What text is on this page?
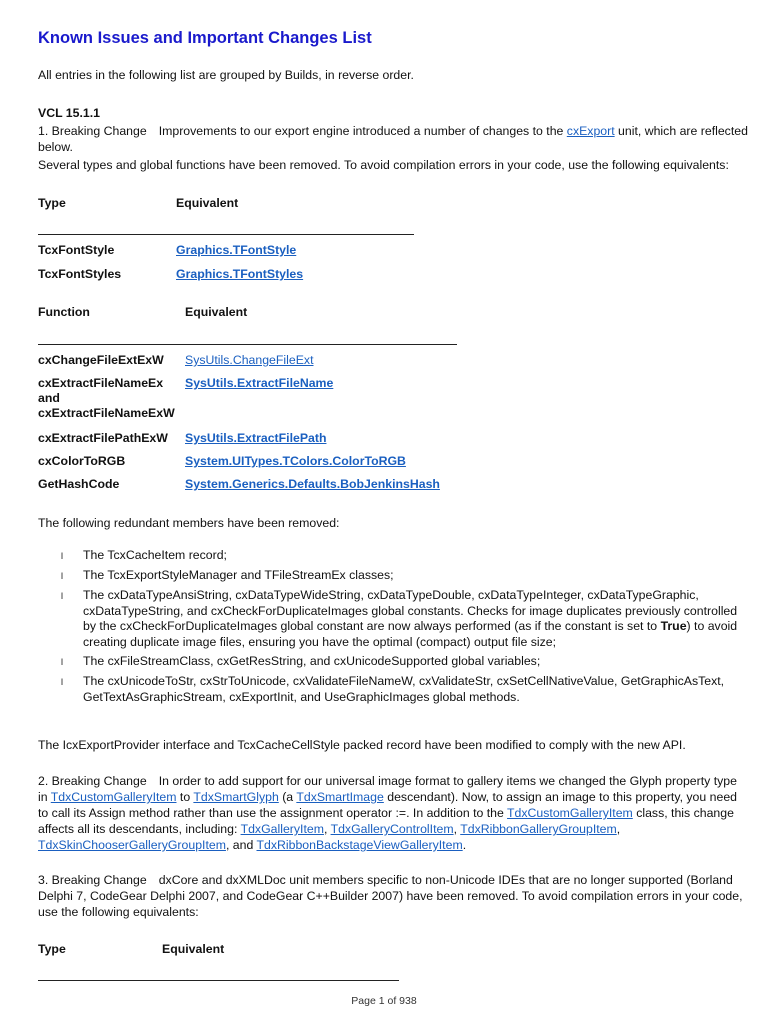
Known Issues and Important Changes List
All entries in the following list are grouped by Builds, in reverse order.
VCL 15.1.1
1. Breaking Change Improvements to our export engine introduced a number of changes to the cxExport unit, which are reflected
below.
Several types and global functions have been removed. To avoid compilation errors in your code, use the following equivalents:
Type	Equivalent
TcxFontStyle	Graphics.TFontStyle
TcxFontStyles	Graphics.TFontStyles
Function	Equivalent
cxChangeFileExtExW SysUtils.ChangeFileExt
cxExtractFileNameEx
and
cxExtractFileNameExW
SysUtils.ExtractFileName
cxExtractFilePathExW SysUtils.ExtractFilePath
cxColorToRGB	System.UITypes.TColors.ColorToRGB
GetHashCode	System.Generics.Defaults.BobJenkinsHash
The following redundant members have been removed:
l The TcxCacheItem record;
l The TcxExportStyleManager and TFileStreamEx classes;
l The cxDataTypeAnsiString, cxDataTypeWideString, cxDataTypeDouble, cxDataTypeInteger, cxDataTypeGraphic,
cxDataTypeString, and cxCheckForDuplicateImages global constants. Checks for image duplicates previously controlled
by the cxCheckForDuplicateImages global constant are now always performed (as if the constant is set to True) to avoid
creating duplicate image files, ensuring you have the optimal (compact) output file size;
l The cxFileStreamClass, cxGetResString, and cxUnicodeSupported global variables;
l The cxUnicodeToStr, cxStrToUnicode, cxValidateFileNameW, cxValidateStr, cxSetCellNativeValue, GetGraphicAsText,
GetTextAsGraphicStream, cxExportInit, and UseGraphicImages global methods.
The IcxExportProvider interface and TcxCacheCellStyle packed record have been modified to comply with the new API.
2. Breaking Change In order to add support for our universal image format to gallery items we changed the Glyph property type
in TdxCustomGalleryItem to TdxSmartGlyph (a TdxSmartImage descendant). Now, to assign an image to this property, you need
to call its Assign method rather than use the assignment operator :=. In addition to the TdxCustomGalleryItem class, this change
affects all its descendants, including: TdxGalleryItem, TdxGalleryControlItem, TdxRibbonGalleryGroupItem,
TdxSkinChooserGalleryGroupItem, and TdxRibbonBackstageViewGalleryItem.
3. Breaking Change dxCore and dxXMLDoc unit members specific to non-Unicode IDEs that are no longer supported (Borland
Delphi 7, CodeGear Delphi 2007, and CodeGear C++Builder 2007) have been removed. To avoid compilation errors in your code,
use the following equivalents:
Type	Equivalent
Page 1 of 938
